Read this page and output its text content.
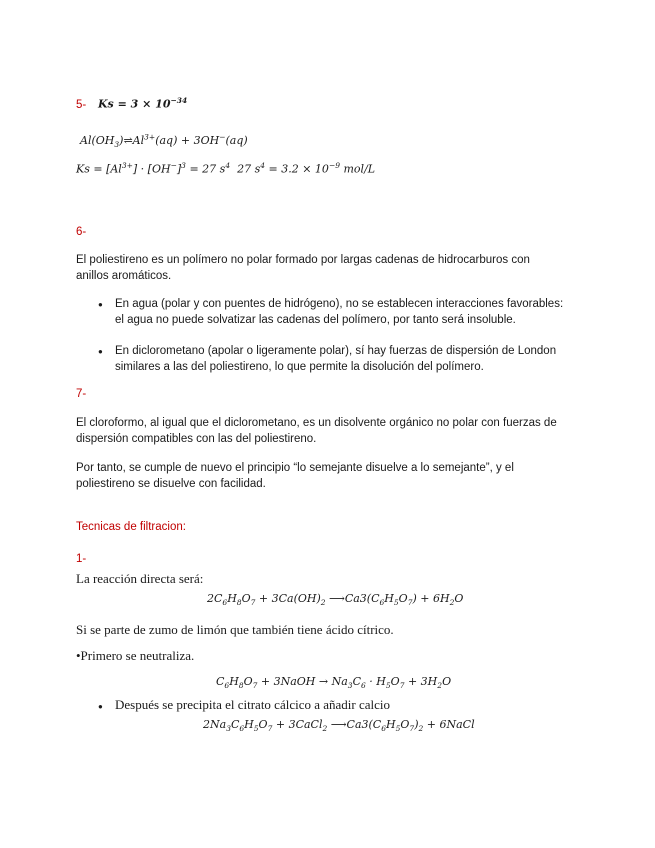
5- $Ks = 3 \times 10^{-34}$
$Al(OH_3)\rightleftharpoons Al^{3+}(aq) + 3OH^-(aq)$
$Ks = [Al^{3+}] \cdot [OH^-]^3 = 27$ $s^4$  27 $s^4 = 3.2 \times 10^{-9}$ mol/L
6-
El poliestireno es un polímero no polar formado por largas cadenas de hidrocarburos con
anillos aromáticos.
● En agua (polar y con puentes de hidrógeno), no se establecen interacciones favorables:
el agua no puede solvatizar las cadenas del polímero, por tanto será insoluble.
● En diclorometano (apolar o ligeramente polar), sí hay fuerzas de dispersión de London
similares a las del poliestireno, lo que permite la disolución del polímero.
7-
El cloroformo, al igual que el diclorometano, es un disolvente orgánico no polar con fuerzas de
dispersión compatibles con las del poliestireno.
Por tanto, se cumple de nuevo el principio “lo semejante disuelve a lo semejante”, y el
poliestireno se disuelve con facilidad.
Tecnicas de filtracion:
1-
La reacción directa será:
$2C_6H_8O_7 + 3Ca(OH)_2$ $⟶Ca3(C_6H_5O_7) + 6H_2O$
Si se parte de zumo de limón que también tiene ácido cítrico.
•Primero se neutraliza.
$C_6H_8O_7$ + 3NaOH → $Na_3C_6 \cdot H_5O_7 + 3H_2O$
● Después se precipita el citrato cálcico a añadir calcio
$2Na_3C_6H_5O_7$ + 3CaCl$_2$ $⟶Ca3(C_6H_5O_7)_2$ + 6NaCl
